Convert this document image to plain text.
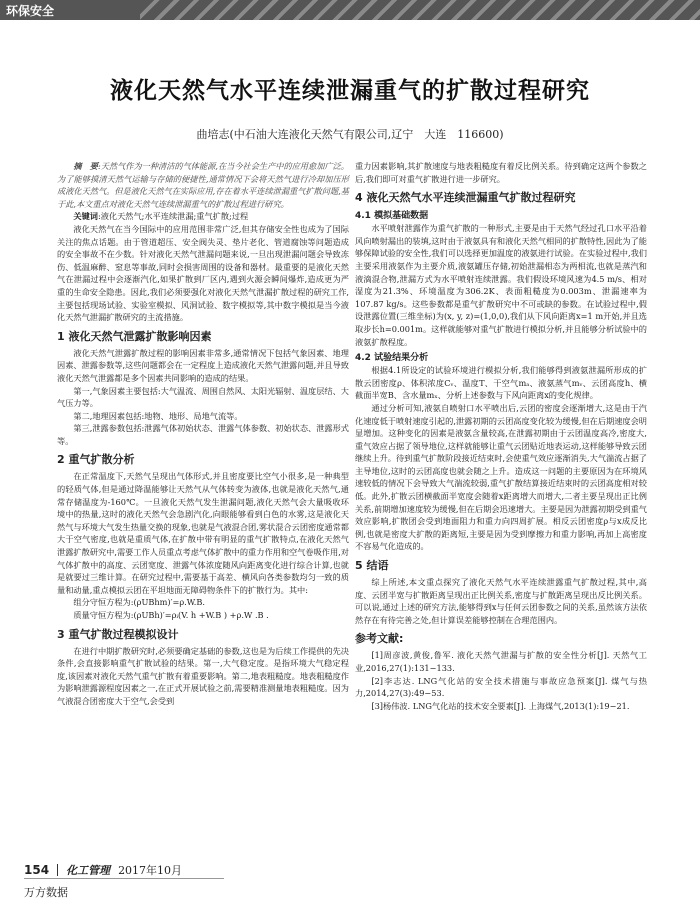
环保安全
液化天然气水平连续泄漏重气的扩散过程研究
曲培志(中石油大连液化天然气有限公司,辽宁　大连　116600)

摘　要:天然气作为一种清洁的气体能源,在当今社会生产中的应用愈加广泛。为了能够摸清天然气运输与存储的便捷性,通常情况下会将天然气进行冷却加压形成液化天然气。但是液化天然气在实际应用,存在着水平连续泄漏重气扩散问题,基于此,本文重点对液化天然气连续泄漏重气的扩散过程进行研究。

关键词:液化天然气;水平连续泄漏;重气扩散;过程

液化天然气在当今国际中的应用范围非常广泛,但其存储安全性也成为了国际关注的焦点话题。由于管道超压、安全阀失灵、垫片老化、管道腐蚀等问题造成的安全事故不在少数。针对液化天然气泄漏问题来说,一旦出现泄漏问题会导致冻伤、低温麻醉、窒息等事故,同时会损害周围的设备和器材。最重要的是液化天然气在泄漏过程中会逐渐汽化,如果扩散到厂区内,遇到火源会瞬间爆炸,造成更为严重的生命安全隐患。因此,我们必须要强化对液化天然气泄漏扩散过程的研究工作,主要包括现场试验、实验室模拟、风洞试验、数字模拟等,其中数字模拟是当今液化天然气泄漏扩散研究的主流措施。

1 液化天然气泄露扩散影响因素

液化天然气泄露扩散过程的影响因素非常多,通常情况下包括气象因素、地理因素、泄露参数等,这些问题都会在一定程度上造成液化天然气泄露问题,并且导致液化天然气泄露都是多个因素共同影响的造成的结果。

第一,气象因素主要包括:大气温流、周围自然风、太阳光辐射、温度层结、大气压力等。

第二,地理因素包括:地物、地形、局地气流等。

第三,泄露参数包括:泄露气体初始状态、泄露气体参数、初始状态、泄露形式等。

2 重气扩散分析

在正常温度下,天然气呈现出气体形式,并且密度要比空气小很多,是一种典型的轻质气体,但是通过降温能够让天然气从气体转变为液体,也就是液化天然气,通常存储温度为-160℃。一旦液化天然气发生泄漏问题,液化天然气会大量吸收环境中的热量,这时的液化天然气会急剧汽化,向眼能够看到白色的水雾,这是液化天然气与环境大气发生热量交换的现象,也就是气液混合团,雾状混合云团密度通常都大于空气密度,也就是重质气体,在扩散中带有明显的重气扩散特点,在液化天然气泄露扩散研究中,需要工作人员重点考虑气体扩散中的重力作用和空气卷吸作用,对气体扩散中的高度、云团宽度、泄露气体浓度随风向距离变化进行综合计算,也就是就要过三维计算。在研究过程中,需要基于高差、横风向各类参数均匀一致的质量和动量,重点模拟云团在平坦地面无障碍物条件下的扩散行为。其中:

组分守恒方程为:(ρUBhm)′=ρ.W.B.

质量守恒方程为:(ρUBh)′=ρᵢ(V. h +W.B ) +ρ.W .B .

3 重气扩散过程模拟设计

在进行中期扩散研究时,必须要确定基础的参数,这也是为后续工作提供的先决条件,会直接影响重气扩散试验的结果。第一,大气稳定度。是指环境大气稳定程度,该因素对液化天然气重气扩散有着重要影响。第二,地表粗糙度。地表粗糙度作为影响泄露源程度因素之一,在正式开展试验之前,需要精准测量地表粗糙度。因为气液混合团密度大于空气,会受到

重力因素影响,其扩散速度与地表粗糙度有着反比例关系。待到确定这两个参数之后,我们即可对重气扩散进行进一步研究。

4 液化天然气水平连续泄漏重气扩散过程研究
4.1 模拟基础数据

水平喷射泄露作为重气扩散的一种形式,主要是由于天然气经过孔口水平沿着风向喷射漏出的装填,这时由于液氨具有和液化天然气相同的扩散特性,因此为了能够保障试验的安全性,我们可以选择更加温度的液氨进行试验。在实验过程中,我们主要采用液氨作为主要介质,液氨罐压存储,初始泄漏相态为两相流,也就是蒸汽和液滴混合物,泄漏方式为水平喷射连续泄露。我们假设环境风速为4.5 m/s、相对湿度为21.3%、环境温度为306.2K、表面粗糙度为0.003m、泄漏速率为107.87 kg/s。这些参数都是重气扩散研究中不可或缺的参数。在试验过程中,假设泄露位置(三维坐标)为(x, y, z)=(1,0,0),我们从下风向距离x=1 m开始,并且选取步长h=0.001m。这样就能够对重气扩散进行模拟分析,并且能够分析试验中的液氨扩散程度。

4.2 试验结果分析

根据4.1所设定的试验环境进行模拟分析,我们能够得到液氨泄漏所形成的扩散云团密度ρ、体积浓度Cᵥ、温度T、干空气mₐ、液氨蒸气mᵥ、云团高度h、横截面半宽B、含水量mₓ、分析上述参数与下风向距离x的变化规律。

通过分析可知,液氨自喷射口水平喷出后,云团的密度会逐渐增大,这是由于汽化速度低于喷射速度引起的,泄露初期的云团高度变化较为缓慢,但在后期速度会明显增加。这种变化的因素是液氨含量较高,在泄露初期由于云团温度高冷,密度大,重气效应占据了领导地位,这样就能够让重气云团贴近地表运动,这样能够导致云团继续上升。待到重气扩散阶段接近结束时,会使重气效应逐渐消失,大气湍流占据了主导地位,这时的云团高度也就会随之上升。造成这一问题的主要原因为在环境风速较低的情况下会导致大气湍流较弱,重气扩散结算接近结束时的云团高度相对较低。此外,扩散云团横截面半宽度会随着x距离增大而增大,二者主要呈现出正比例关系,前期增加速度较为缓慢,但在后期会迅速增大。主要是因为泄露初期受到重气效应影响,扩散团会受到地面阻力和重力向四周扩展。相反云团密度ρ与x成反比例,也就是密度大扩散的距离短,主要是因为受到摩擦力和重力影响,再加上高密度不容易气化造成的。

5 结语

综上所述,本文重点探究了液化天然气水平连续泄露重气扩散过程,其中,高度、云团半宽与扩散距离呈现出正比例关系,密度与扩散距离呈现出反比例关系。可以说,通过上述的研究方法,能够得到x与任何云团参数之间的关系,虽然该方法依然存在有待完善之处,但计算误差能够控制在合理范围内。

参考文献:

[1]周彦波,黄俊,鲁军. 液化天然气泄漏与扩散的安全性分析[J]. 天然气工业,2016,27(1):131−133.

[2]李志达. LNG气化站的安全技术措施与事故应急预案[J]. 煤气与热力,2014,27(3):49−53.

[3]杨伟波. LNG气化站的技术安全要素[J]. 上海煤气,2013(1):19−21.

154 化工管理 2017年10月
万方数据
